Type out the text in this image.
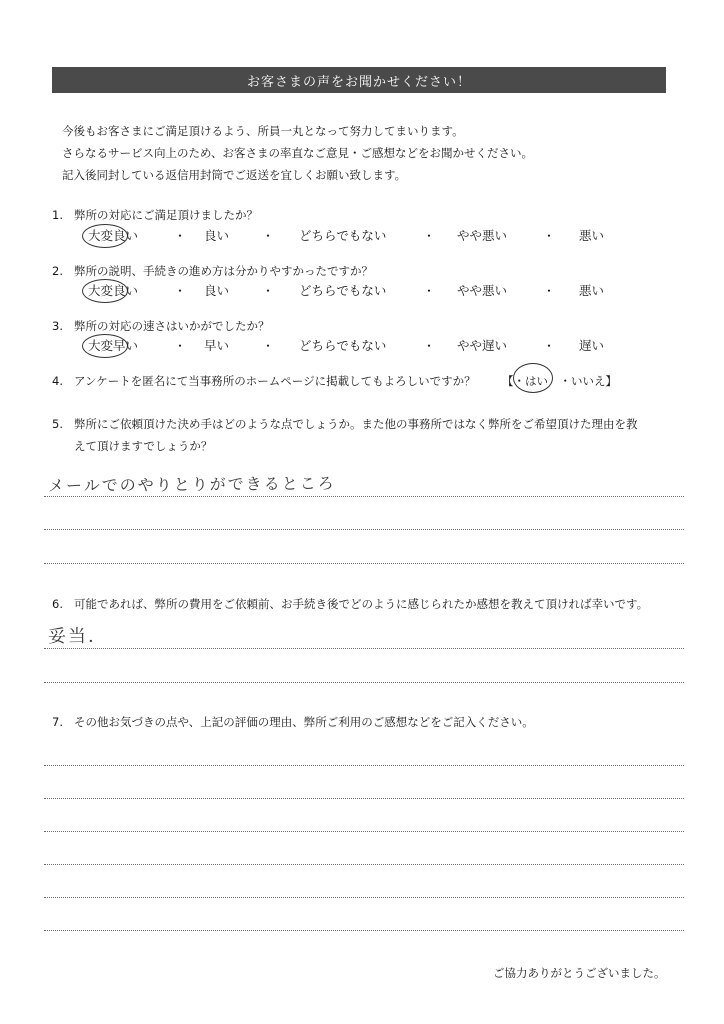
お客さまの声をお聞かせください！
今後もお客さまにご満足頂けるよう、所員一丸となって努力してまいります。
さらなるサービス向上のため、お客さまの率直なご意見・ご感想などをお聞かせください。
記入後同封している返信用封筒でご返送を宜しくお願い致します。
1. 弊所の対応にご満足頂けましたか？
大変良い	・ 良い	・ どちらでもない	・ やや悪い	・ 悪い
2. 弊所の説明、手続きの進め方は分かりやすかったですか？
大変良い	・ 良い	・ どちらでもない	・ やや悪い	・ 悪い
3. 弊所の対応の速さはいかがでしたか？
大変早い	・ 早い	・ どちらでもない	・ やや遅い	・ 遅い
4. アンケートを匿名にて当事務所のホームページに掲載してもよろしいですか？ 【・はい　・いいえ】
5. 弊所にご依頼頂けた決め手はどのような点でしょうか。また他の事務所ではなく弊所をご希望頂けた理由を教
えて頂けますでしょうか？
メールでのやりとりができるところ
6. 可能であれば、弊所の費用をご依頼前、お手続き後でどのように感じられたか感想を教えて頂ければ幸いです。
妥当.
7. その他お気づきの点や、上記の評価の理由、弊所ご利用のご感想などをご記入ください。
ご協力ありがとうございました。
